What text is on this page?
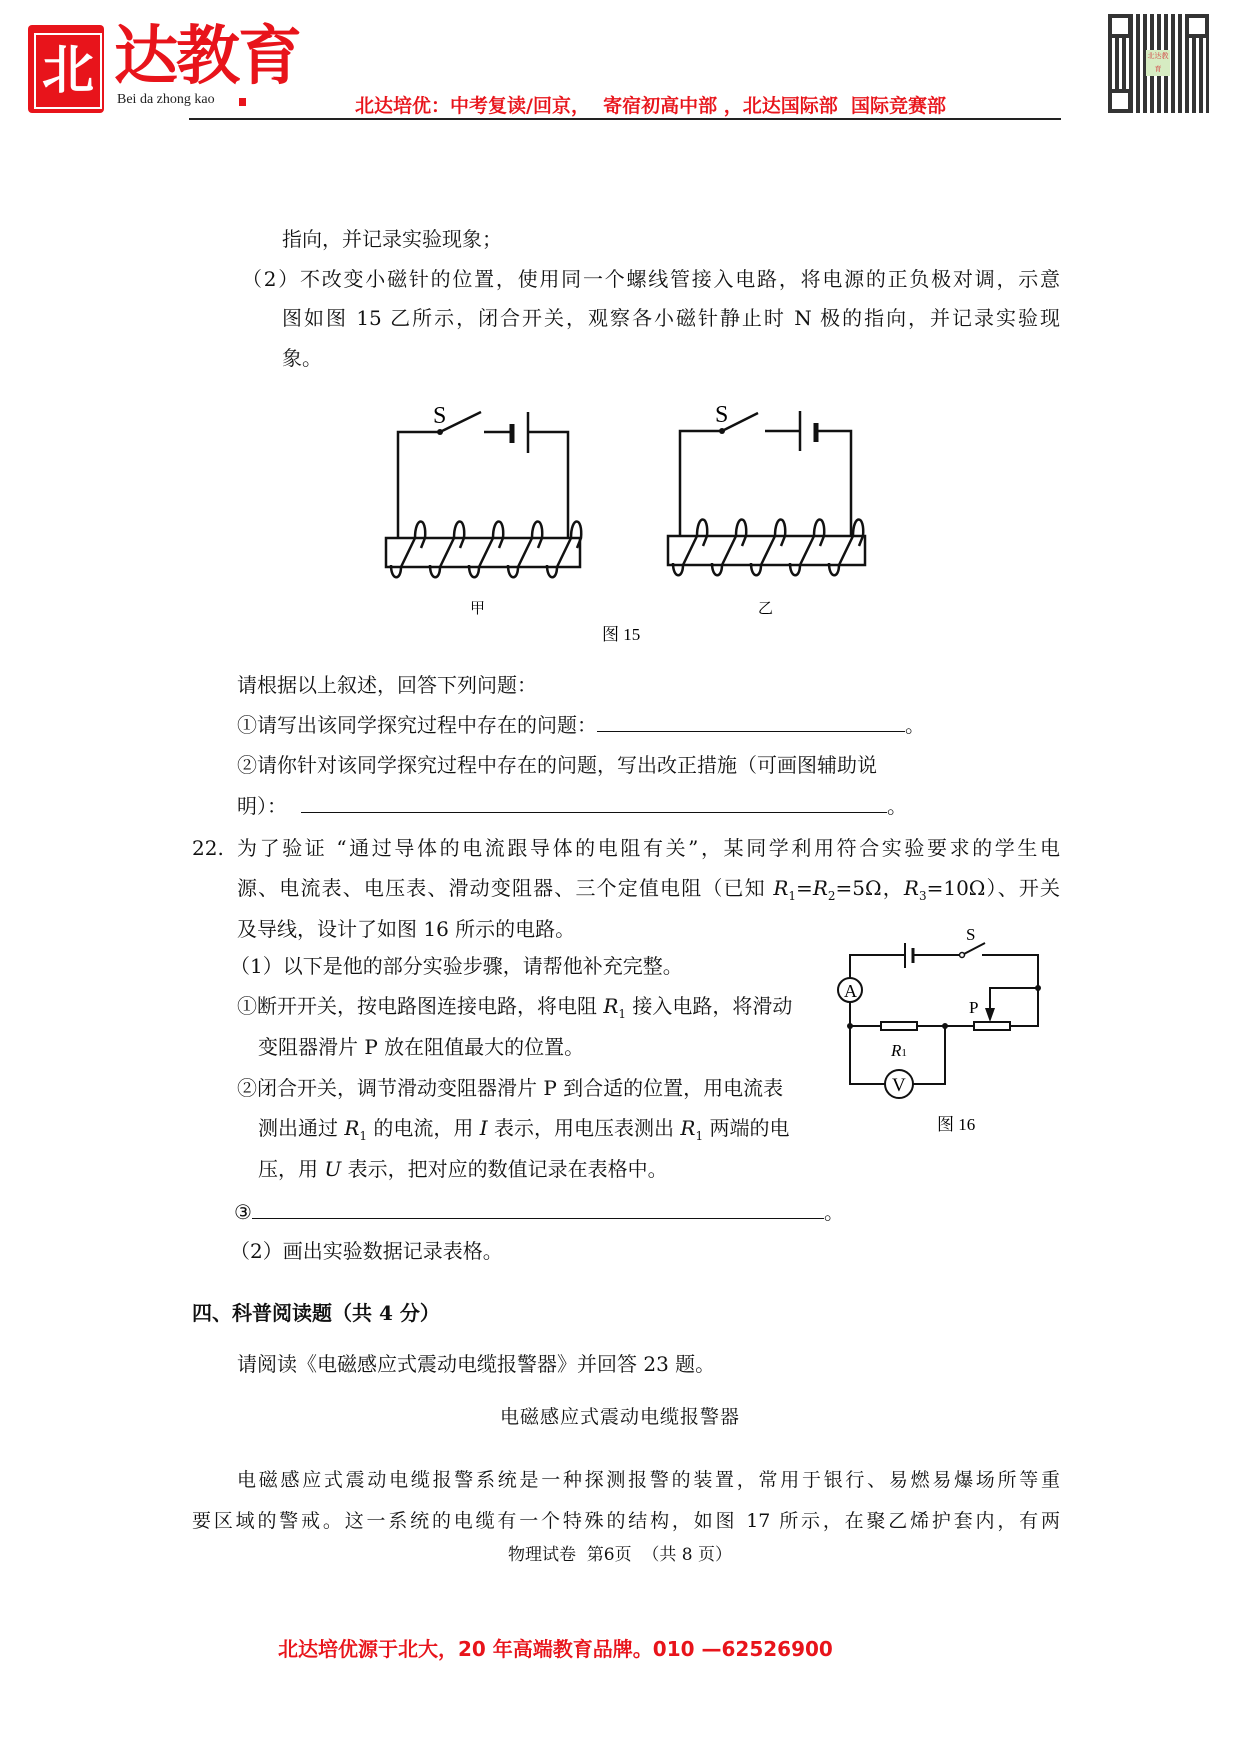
北 达教育
Bei da zhong kao	北达培优：中考复读/回京，  寄宿初高中部 ，北达国际部  国际竞赛部
北达教育
指向，并记录实验现象；
（2）不改变小磁针的位置，使用同一个螺线管接入电路，将电源的正负极对调，示意
图如图 15 乙所示，闭合开关，观察各小磁针静止时 N 极的指向，并记录实验现
象。
S	S
甲	乙
图 15
请根据以上叙述，回答下列问题：
①请写出该同学探究过程中存在的问题：	。
②请你针对该同学探究过程中存在的问题，写出改正措施（可画图辅助说
明）：	。
22. 为了验证 “通过导体的电流跟导体的电阻有关”，某同学利用符合实验要求的学生电
源、电流表、电压表、滑动变阻器、三个定值电阻（已知 $R_1=R_2=5\Omega$，$R_3=10\Omega$）、开关
及导线，设计了如图 16 所示的电路。
（1）以下是他的部分实验步骤，请帮他补充完整。
①断开开关，按电路图连接电路，将电阻 $R_1$ 接入电路，将滑动
变阻器滑片 P 放在阻值最大的位置。
②闭合开关，调节滑动变阻器滑片 P 到合适的位置，用电流表
测出通过 $R_1$ 的电流，用 I 表示，用电压表测出 $R_1$ 两端的电
压，用 U 表示，把对应的数值记录在表格中。
③	。
（2）画出实验数据记录表格。
A
V
S
P
R1
图 16
四、科普阅读题（共 4 分）
请阅读《电磁感应式震动电缆报警器》并回答 23 题。
电磁感应式震动电缆报警器
电磁感应式震动电缆报警系统是一种探测报警的装置，常用于银行、易燃易爆场所等重
要区域的警戒。这一系统的电缆有一个特殊的结构，如图 17 所示，在聚乙烯护套内，有两
物理试卷  第6页  （共 8 页）
北达培优源于北大，20 年高端教育品牌。010 —62526900
